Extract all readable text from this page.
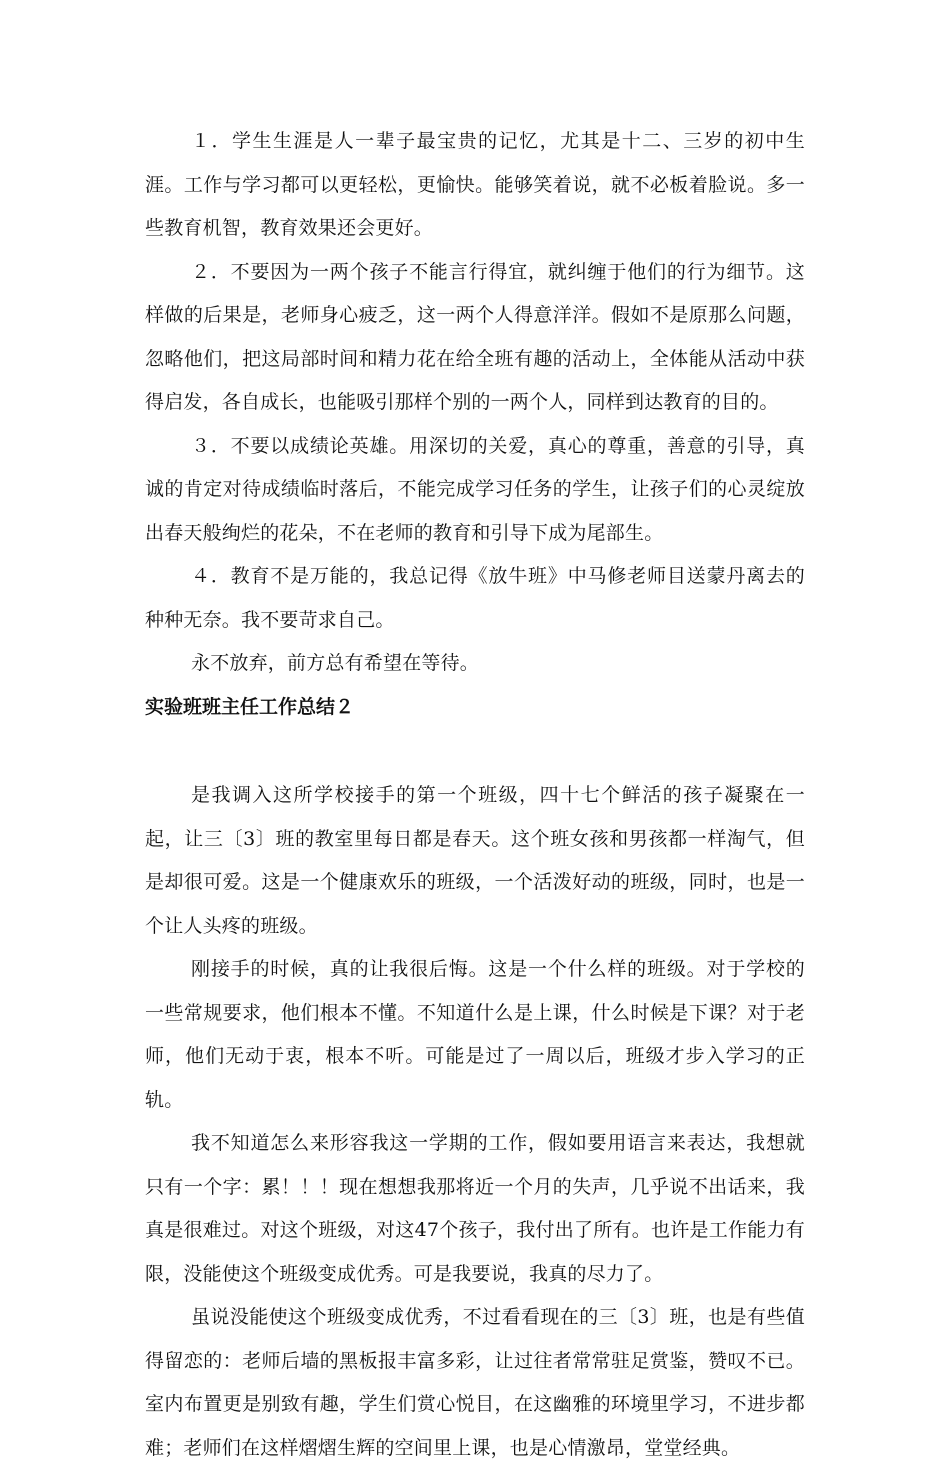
１．学生生涯是人一辈子最宝贵的记忆，尤其是十二、三岁的初中生涯。工作与学习都可以更轻松，更愉快。能够笑着说，就不必板着脸说。多一些教育机智，教育效果还会更好。

２．不要因为一两个孩子不能言行得宜，就纠缠于他们的行为细节。这样做的后果是，老师身心疲乏，这一两个人得意洋洋。假如不是原那么问题，忽略他们，把这局部时间和精力花在给全班有趣的活动上，全体能从活动中获得启发，各自成长，也能吸引那样个别的一两个人，同样到达教育的目的。

３．不要以成绩论英雄。用深切的关爱，真心的尊重，善意的引导，真诚的肯定对待成绩临时落后，不能完成学习任务的学生，让孩子们的心灵绽放出春天般绚烂的花朵，不在老师的教育和引导下成为尾部生。

４．教育不是万能的，我总记得《放牛班》中马修老师目送蒙丹离去的种种无奈。我不要苛求自己。

永不放弃，前方总有希望在等待。

实验班班主任工作总结２

是我调入这所学校接手的第一个班级，四十七个鲜活的孩子凝聚在一起，让三〔3〕班的教室里每日都是春天。这个班女孩和男孩都一样淘气，但是却很可爱。这是一个健康欢乐的班级，一个活泼好动的班级，同时，也是一个让人头疼的班级。

刚接手的时候，真的让我很后悔。这是一个什么样的班级。对于学校的一些常规要求，他们根本不懂。不知道什么是上课，什么时候是下课？对于老师，他们无动于衷，根本不听。可能是过了一周以后，班级才步入学习的正轨。

我不知道怎么来形容我这一学期的工作，假如要用语言来表达，我想就只有一个字：累！！！现在想想我那将近一个月的失声，几乎说不出话来，我真是很难过。对这个班级，对这47个孩子，我付出了所有。也许是工作能力有限，没能使这个班级变成优秀。可是我要说，我真的尽力了。

虽说没能使这个班级变成优秀，不过看看现在的三〔3〕班，也是有些值得留恋的：老师后墙的黑板报丰富多彩，让过往者常常驻足赏鉴，赞叹不已。室内布置更是别致有趣，学生们赏心悦目，在这幽雅的环境里学习，不进步都难；老师们在这样熠熠生辉的空间里上课，也是心情激昂，堂堂经典。
